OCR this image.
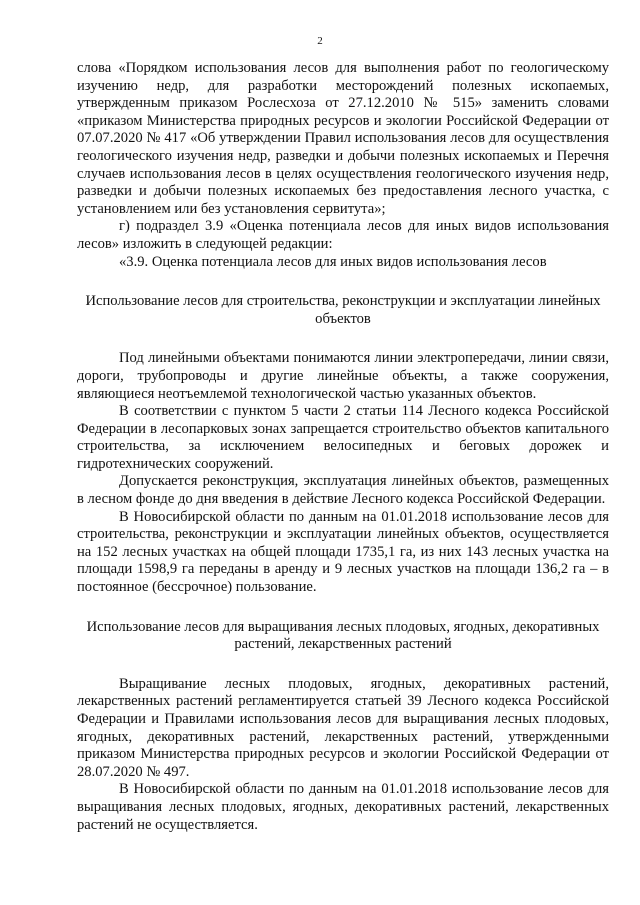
2

слова «Порядком использования лесов для выполнения работ по геологическому изучению недр, для разработки месторождений полезных ископаемых, утвержденным приказом Рослесхоза от 27.12.2010 № 515» заменить словами «приказом Министерства природных ресурсов и экологии Российской Федерации от 07.07.2020 № 417 «Об утверждении Правил использования лесов для осуществления геологического изучения недр, разведки и добычи полезных ископаемых и Перечня случаев использования лесов в целях осуществления геологического изучения недр, разведки и добычи полезных ископаемых без предоставления лесного участка, с установлением или без установления сервитута»;

г) подраздел 3.9 «Оценка потенциала лесов для иных видов использования лесов» изложить в следующей редакции:

«3.9. Оценка потенциала лесов для иных видов использования лесов

Использование лесов для строительства, реконструкции и эксплуатации линейных объектов

Под линейными объектами понимаются линии электропередачи, линии связи, дороги, трубопроводы и другие линейные объекты, а также сооружения, являющиеся неотъемлемой технологической частью указанных объектов.

В соответствии с пунктом 5 части 2 статьи 114 Лесного кодекса Российской Федерации в лесопарковых зонах запрещается строительство объектов капитального строительства, за исключением велосипедных и беговых дорожек и гидротехнических сооружений.

Допускается реконструкция, эксплуатация линейных объектов, размещенных в лесном фонде до дня введения в действие Лесного кодекса Российской Федерации.

В Новосибирской области по данным на 01.01.2018 использование лесов для строительства, реконструкции и эксплуатации линейных объектов, осуществляется на 152 лесных участках на общей площади 1735,1 га, из них 143 лесных участка на площади 1598,9 га переданы в аренду и 9 лесных участков на площади 136,2 га – в постоянное (бессрочное) пользование.

Использование лесов для выращивания лесных плодовых, ягодных, декоративных растений, лекарственных растений

Выращивание лесных плодовых, ягодных, декоративных растений, лекарственных растений регламентируется статьей 39 Лесного кодекса Российской Федерации и Правилами использования лесов для выращивания лесных плодовых, ягодных, декоративных растений, лекарственных растений, утвержденными приказом Министерства природных ресурсов и экологии Российской Федерации от 28.07.2020 № 497.

В Новосибирской области по данным на 01.01.2018 использование лесов для выращивания лесных плодовых, ягодных, декоративных растений, лекарственных растений не осуществляется.
